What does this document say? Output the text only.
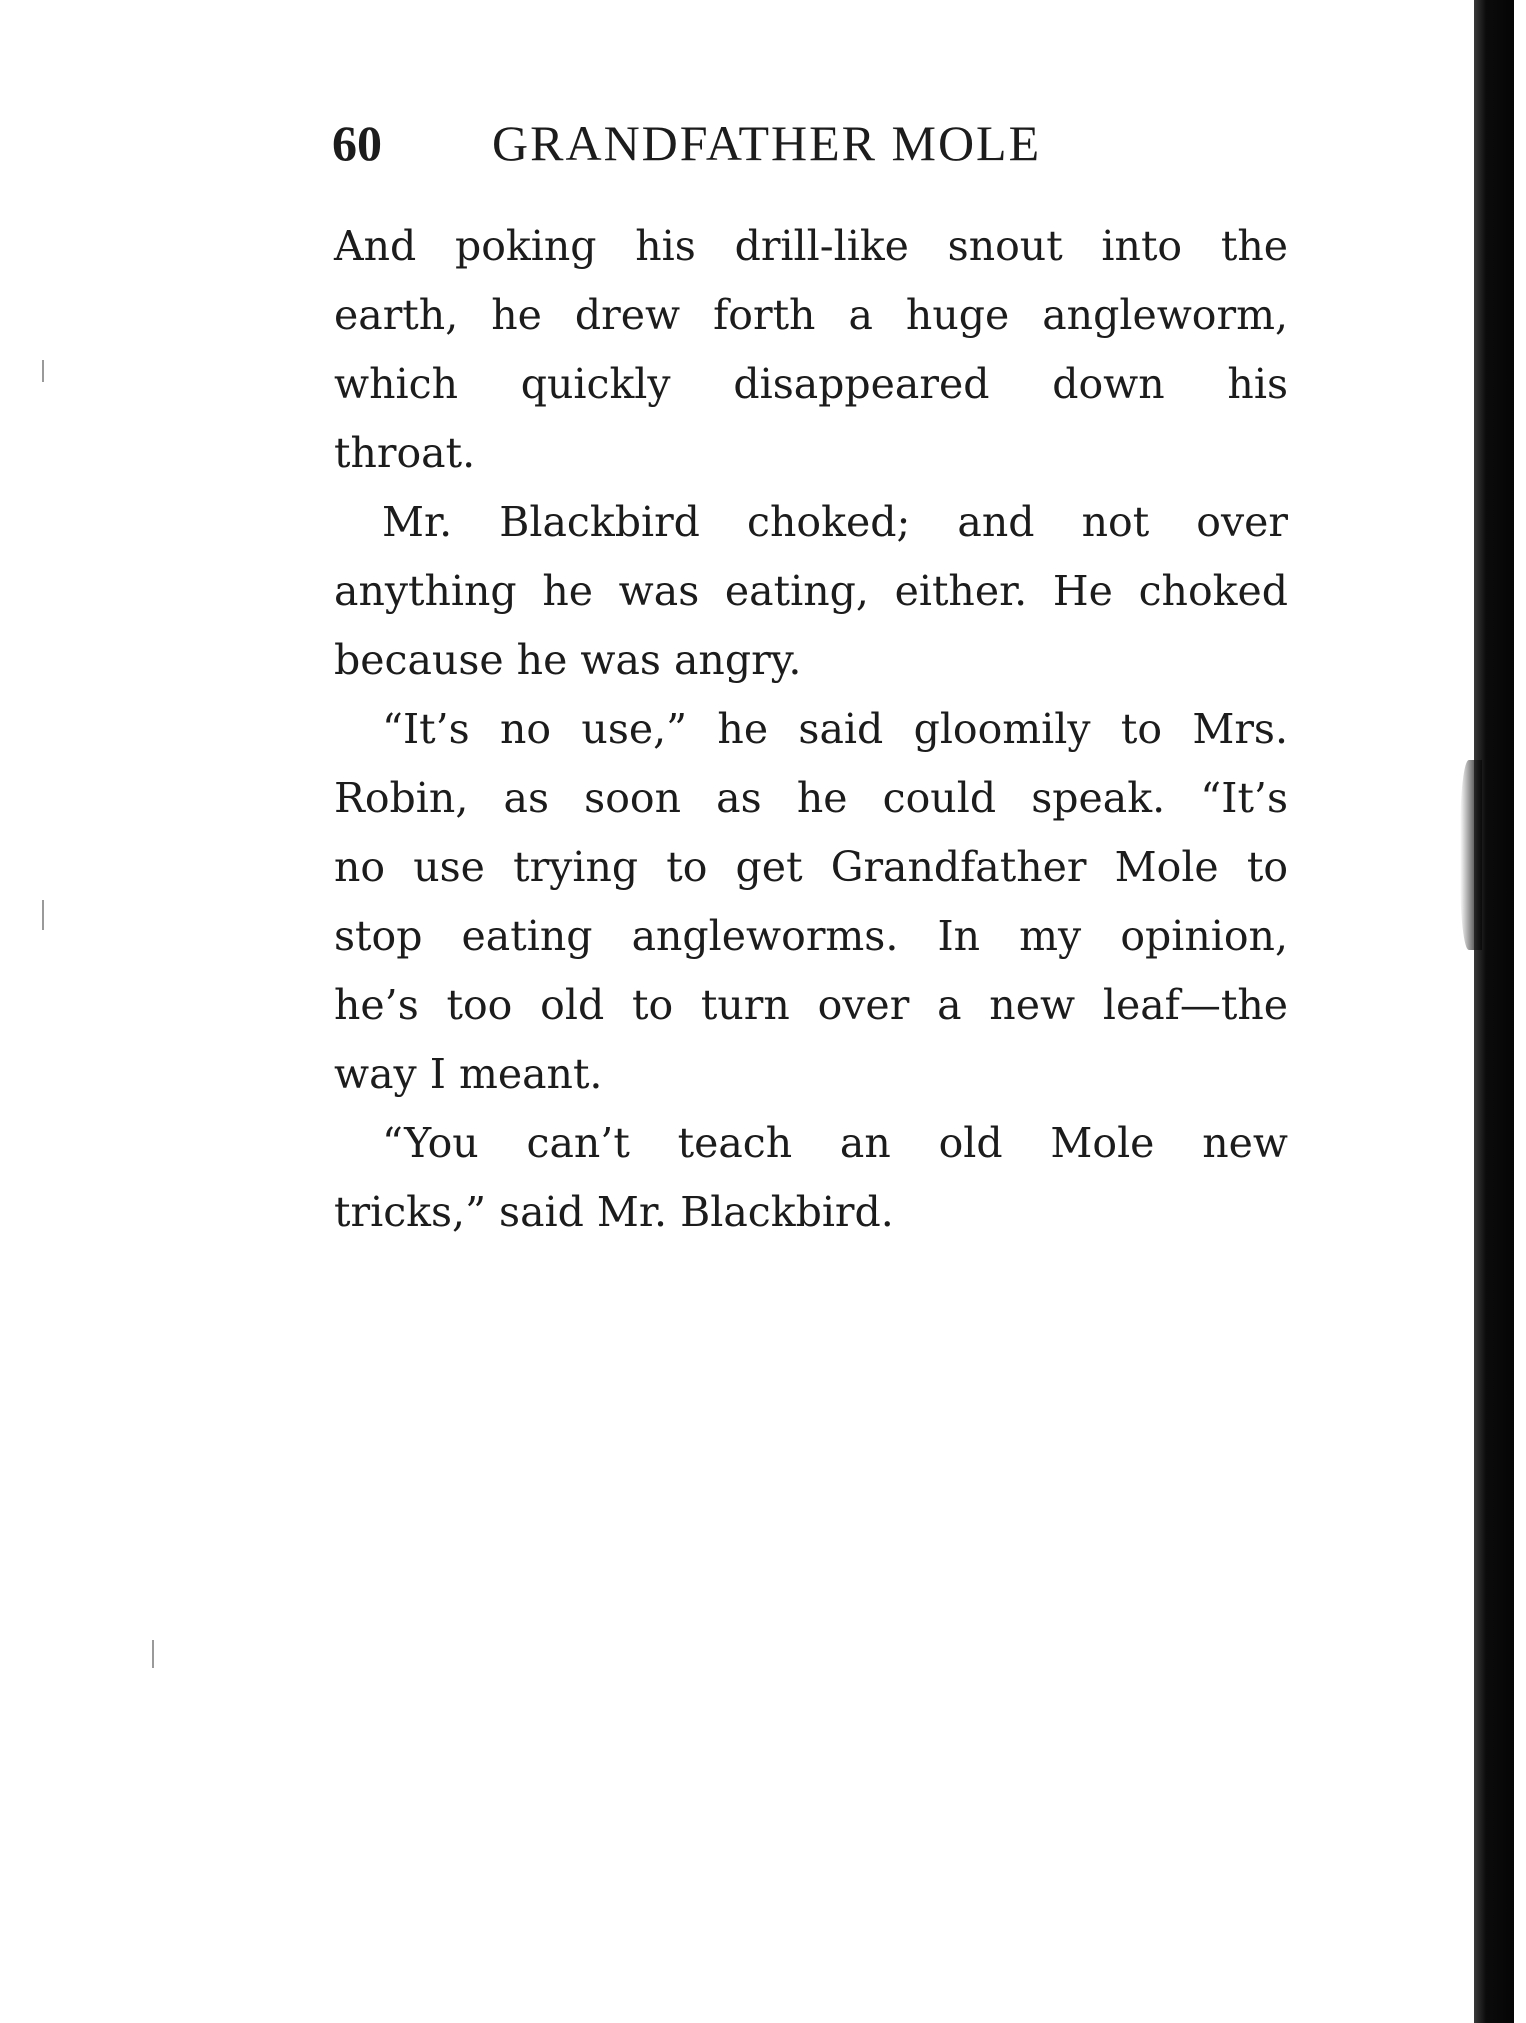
60 GRANDFATHER MOLE
And poking his drill-like snout into the
earth, he drew forth a huge angleworm,
which quickly disappeared down his
throat.
Mr. Blackbird choked; and not over
anything he was eating, either. He choked
because he was angry.
“It’s no use,” he said gloomily to Mrs.
Robin, as soon as he could speak. “It’s
no use trying to get Grandfather Mole to
stop eating angleworms. In my opinion,
he’s too old to turn over a new leaf—the
way I meant.
“You can’t teach an old Mole new
tricks,” said Mr. Blackbird.
